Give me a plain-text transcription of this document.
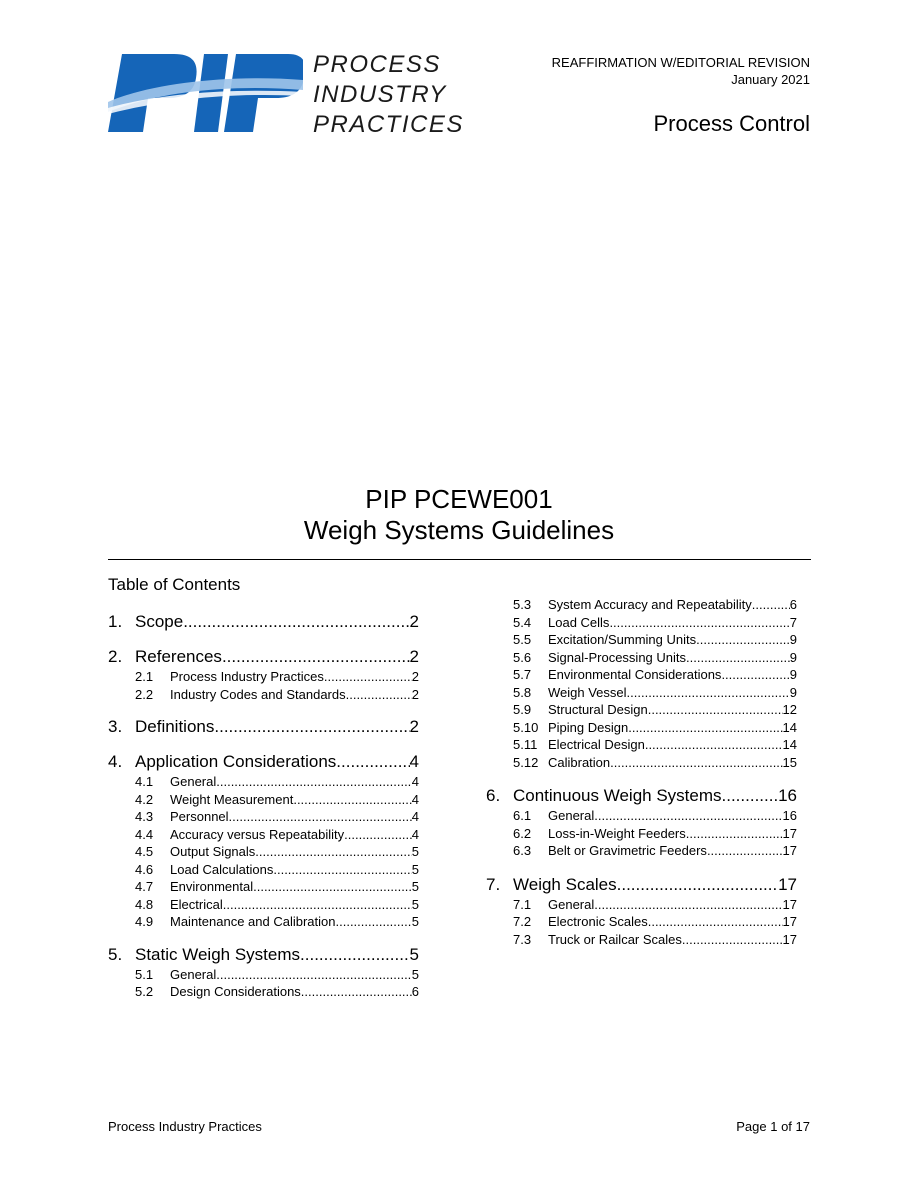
PROCESS
INDUSTRY
PRACTICES
REAFFIRMATION W/EDITORIAL REVISION
January 2021
Process Control
PIP PCEWE001
Weigh Systems Guidelines
Table of Contents
1. Scope .....	2
2. References .....	2
2.1	Process Industry Practices .....	2
2.2	Industry Codes and Standards .....	2
3. Definitions .....	2
4. Application Considerations .....	4
4.1	General .....	4
4.2	Weight Measurement .....	4
4.3	Personnel .....	4
4.4	Accuracy versus Repeatability .....	4
4.5	Output Signals .....	5
4.6	Load Calculations .....	5
4.7	Environmental .....	5
4.8	Electrical .....	5
4.9	Maintenance and Calibration .....	5
5. Static Weigh Systems .....	5
5.1	General .....	5
5.2	Design Considerations .....	6
5.3	System Accuracy and Repeatability .....	6
5.4	Load Cells .....	7
5.5	Excitation/Summing Units .....	9
5.6	Signal-Processing Units .....	9
5.7	Environmental Considerations .....	9
5.8	Weigh Vessel .....	9
5.9	Structural Design .....	12
5.10 Piping Design .....	14
5.11 Electrical Design .....	14
5.12 Calibration .....	15
6. Continuous Weigh Systems .....	16
6.1	General .....	16
6.2	Loss-in-Weight Feeders .....	17
6.3	Belt or Gravimetric Feeders .....	17
7. Weigh Scales .....	17
7.1	General .....	17
7.2	Electronic Scales .....	17
7.3	Truck or Railcar Scales .....	17
Process Industry Practices	Page 1 of 17
